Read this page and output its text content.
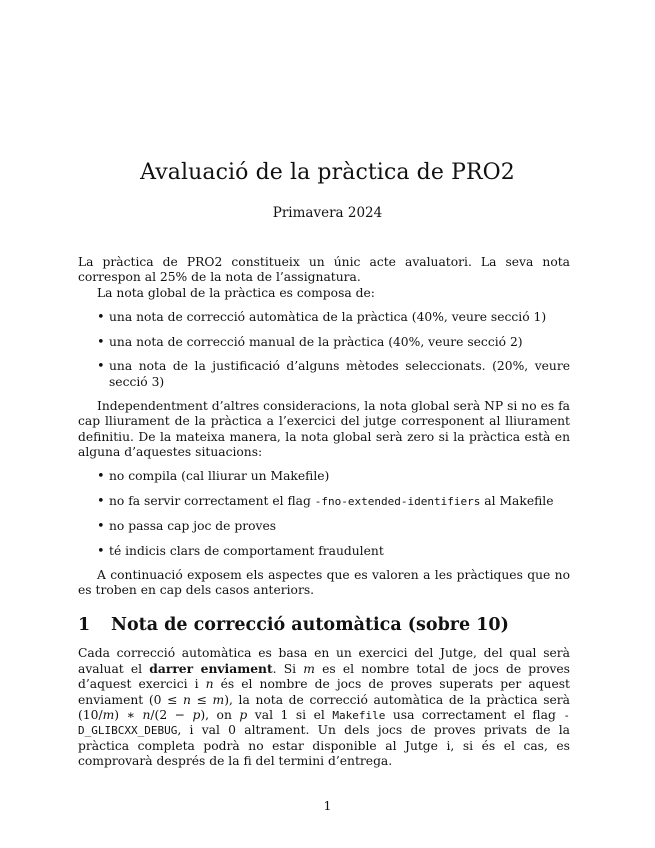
Avaluació de la pràctica de PRO2
Primavera 2024

La pràctica de PRO2 constitueix un únic acte avaluatori. La seva nota correspon al 25% de la nota de l’assignatura.

La nota global de la pràctica es composa de:

• una nota de correcció automàtica de la pràctica (40%, veure secció 1)
• una nota de correcció manual de la pràctica (40%, veure secció 2)
• una nota de la justificació d’alguns mètodes seleccionats. (20%, veure secció 3)

Independentment d’altres consideracions, la nota global serà NP si no es fa cap lliurament de la pràctica a l’exercici del jutge corresponent al lliurament definitiu. De la mateixa manera, la nota global serà zero si la pràctica està en alguna d’aquestes situacions:

• no compila (cal lliurar un Makefile)
• no fa servir correctament el flag -fno-extended-identifiers al Makefile
• no passa cap joc de proves
• té indicis clars de comportament fraudulent

A continuació exposem els aspectes que es valoren a les pràctiques que no es troben en cap dels casos anteriors.

1 Nota de correcció automàtica (sobre 10)

Cada correcció automàtica es basa en un exercici del Jutge, del qual serà avaluat el darrer enviament. Si m es el nombre total de jocs de proves d’aquest exercici i n és el nombre de jocs de proves superats per aquest enviament (0 ≤ n ≤ m), la nota de correcció automàtica de la pràctica serà (10/m) ∗ n/(2 − p), on p val 1 si el Makefile usa correctament el flag -D_GLIBCXX_DEBUG, i val 0 altrament. Un dels jocs de proves privats de la pràctica completa podrà no estar disponible al Jutge i, si és el cas, es comprovarà després de la fi del termini d’entrega.

1
